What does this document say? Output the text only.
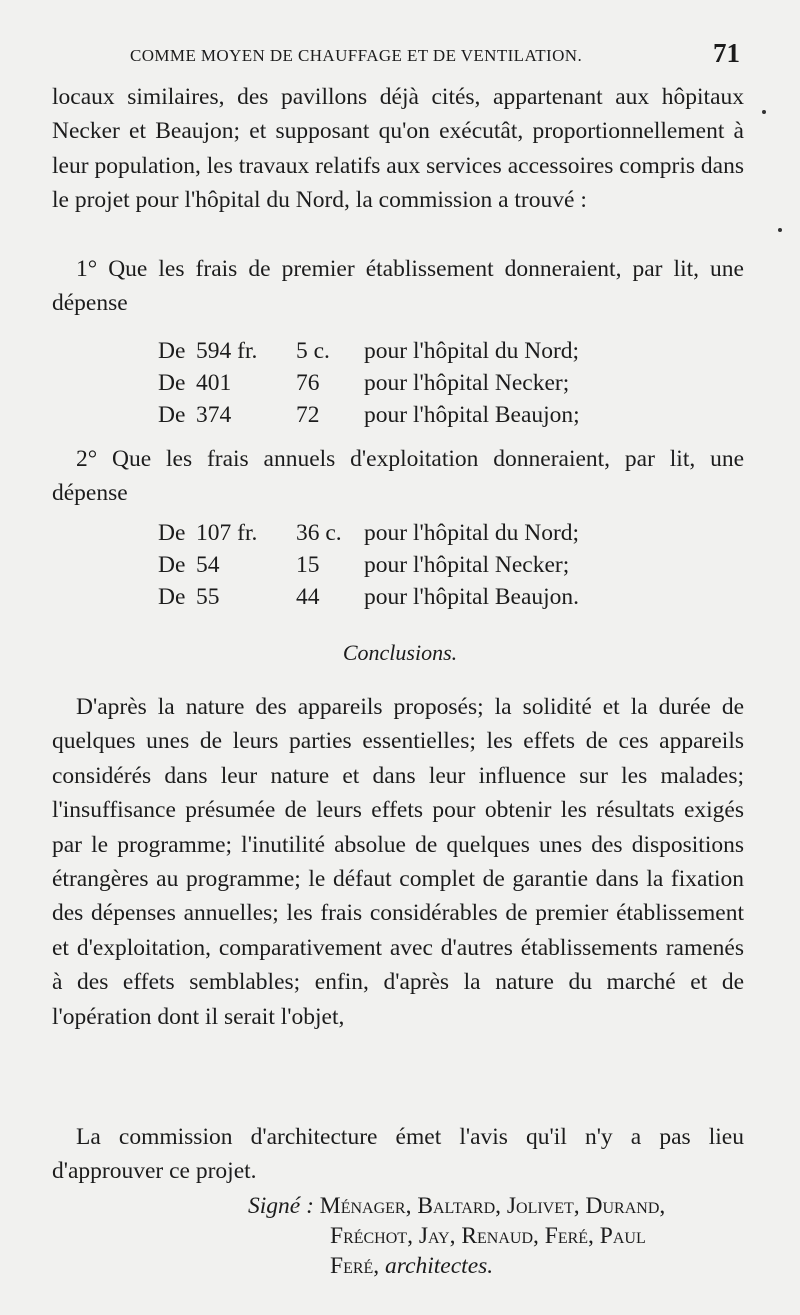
COMME MOYEN DE CHAUFFAGE ET DE VENTILATION.	71

locaux similaires, des pavillons déjà cités, appartenant aux hôpitaux Necker et Beaujon; et supposant qu'on exécutât, proportionnellement à leur population, les travaux relatifs aux services accessoires compris dans le projet pour l'hôpital du Nord, la commission a trouvé :

1° Que les frais de premier établissement donneraient, par lit, une dépense

De 594 fr. 5 c. pour l'hôpital du Nord;
De 401	76 pour l'hôpital Necker;
De 374	72 pour l'hôpital Beaujon;

2° Que les frais annuels d'exploitation donneraient, par lit, une dépense

De 107 fr. 36 c. pour l'hôpital du Nord;
De 54	15 pour l'hôpital Necker;
De 55	44 pour l'hôpital Beaujon.
Conclusions.

D'après la nature des appareils proposés; la solidité et la durée de quelques unes de leurs parties essentielles; les effets de ces appareils considérés dans leur nature et dans leur influence sur les malades; l'insuffisance présumée de leurs effets pour obtenir les résultats exigés par le programme; l'inutilité absolue de quelques unes des dispositions étrangères au programme; le défaut complet de garantie dans la fixation des dépenses annuelles; les frais considérables de premier établissement et d'exploitation, comparativement avec d'autres établissements ramenés à des effets semblables; enfin, d'après la nature du marché et de l'opération dont il serait l'objet,

La commission d'architecture émet l'avis qu'il n'y a pas lieu d'approuver ce projet.

Signé : Ménager, Baltard, Jolivet, Durand,
Fréchot, Jay, Renaud, Feré, Paul
Feré, architectes.
